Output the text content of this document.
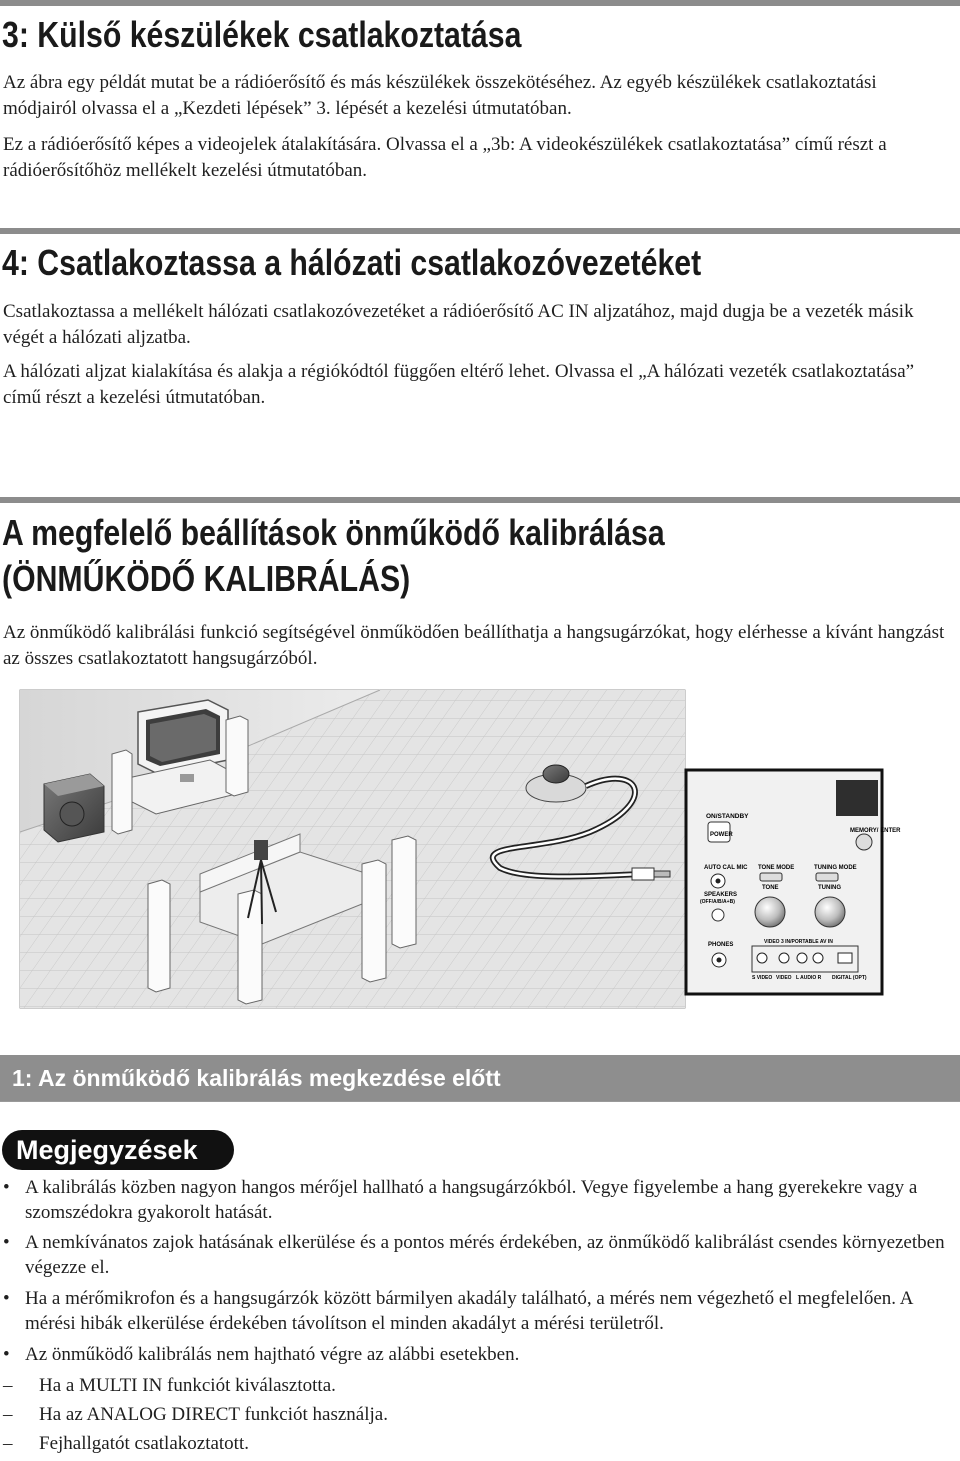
3: Külső készülékek csatlakoztatása

Az ábra egy példát mutat be a rádióerősítő és más készülékek összekötéséhez. Az egyéb készülékek csatlakoztatási módjairól olvassa el a „Kezdeti lépések” 3. lépését a kezelési útmutatóban.

Ez a rádióerősítő képes a videojelek átalakítására. Olvassa el a „3b: A videokészülékek csatlakoztatása” című részt a rádióerősítőhöz mellékelt kezelési útmutatóban.

4: Csatlakoztassa a hálózati csatlakozóvezetéket

Csatlakoztassa a mellékelt hálózati csatlakozóvezetéket a rádióerősítő AC IN aljzatához, majd dugja be a vezeték másik végét a hálózati aljzatba.

A hálózati aljzat kialakítása és alakja a régiókódtól függően eltérő lehet. Olvassa el „A hálózati vezeték csatlakoztatása” című részt a kezelési útmutatóban.

A megfelelő beállítások önműködő kalibrálása
(ÖNMŰKÖDŐ KALIBRÁLÁS)

Az önműködő kalibrálási funkció segítségével önműködően beállíthatja a hangsugárzókat, hogy elérhesse a kívánt hangzást az összes csatlakoztatott hangsugárzóból.

ON/STANDBY
POWER
MEMORY/ ENTER
AUTO CAL MIC TONE MODE	TUNING MODE
TONE	TUNING
SPEAKERS
(OFF/A/B/A+B)
PHONES	VIDEO 3 IN/PORTABLE AV IN
S VIDEO VIDEO L AUDIO R DIGITAL (OPT)
1: Az önműködő kalibrálás megkezdése előtt
Megjegyzések
• A kalibrálás közben nagyon hangos mérőjel hallható a hangsugárzókból. Vegye figyelembe a hang gyerekekre vagy a szomszédokra gyakorolt hatását.
• A nemkívánatos zajok hatásának elkerülése és a pontos mérés érdekében, az önműködő kalibrálást csendes környezetben végezze el.
• Ha a mérőmikrofon és a hangsugárzók között bármilyen akadály található, a mérés nem végezhető el megfelelően. A mérési hibák elkerülése érdekében távolítson el minden akadályt a mérési területről.
• Az önműködő kalibrálás nem hajtható végre az alábbi esetekben.
– Ha a MULTI IN funkciót kiválasztotta.
– Ha az ANALOG DIRECT funkciót használja.
– Fejhallgatót csatlakoztatott.
